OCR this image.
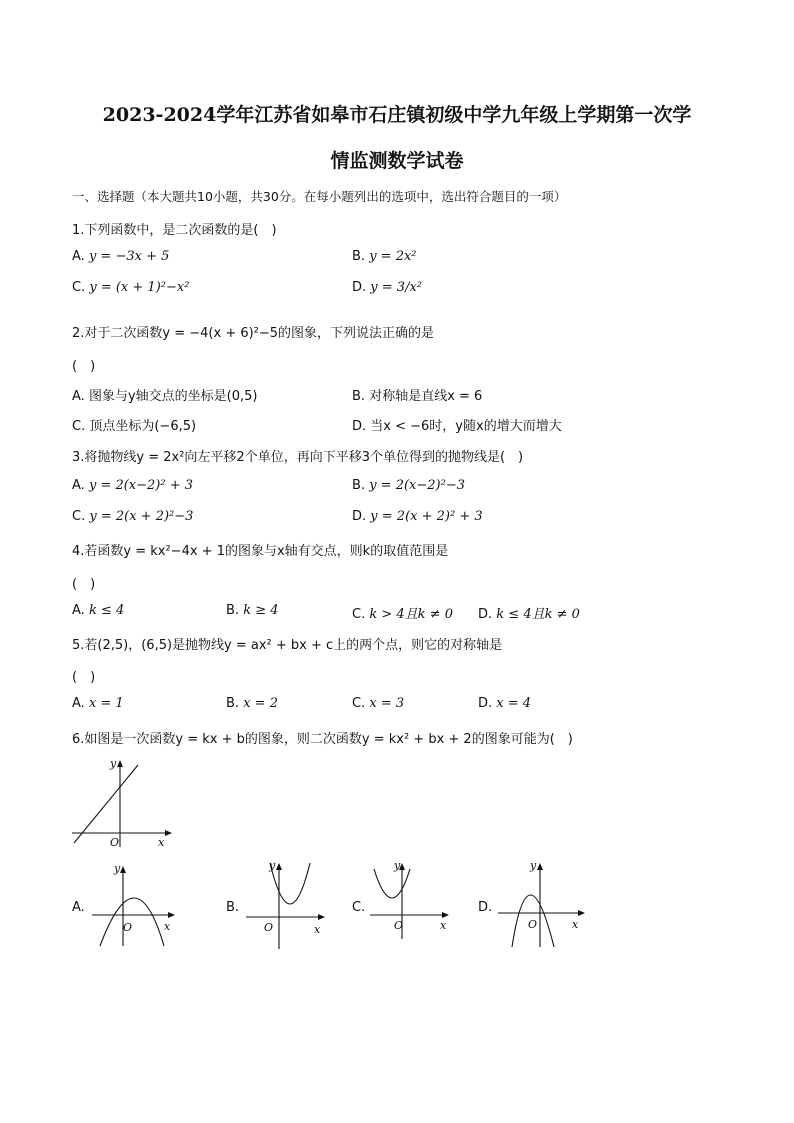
2023-2024学年江苏省如皋市石庄镇初级中学九年级上学期第一次学
情监测数学试卷
一、选择题（本大题共10小题，共30分。在每小题列出的选项中，选出符合题目的一项）
1.下列函数中，是二次函数的是(　)
A. y = −3x + 5	B. y = 2x²
C. y = (x + 1)²−x²	D. y = 3/x²
2.对于二次函数y = −4(x + 6)²−5的图象，下列说法正确的是
(　)
A. 图象与y轴交点的坐标是(0,5)	B. 对称轴是直线x = 6
C. 顶点坐标为(−6,5)	D. 当x < −6时，y随x的增大而增大
3.将抛物线y = 2x²向左平移2个单位，再向下平移3个单位得到的抛物线是(　)
A. y = 2(x−2)² + 3	B. y = 2(x−2)²−3
C. y = 2(x + 2)²−3	D. y = 2(x + 2)² + 3
4.若函数y = kx²−4x + 1的图象与x轴有交点，则k的取值范围是
(　)
A. k ≤ 4	B. k ≥ 4	C. k > 4且k ≠ 0 D. k ≤ 4且k ≠ 0
5.若(2,5)，(6,5)是抛物线y = ax² + bx + c上的两个点，则它的对称轴是
(　)
A. x = 1	B. x = 2	C. x = 3	D. x = 4
6.如图是一次函数y = kx + b的图象，则二次函数y = kx² + bx + 2的图象可能为(　)
y
O	x
A.
y
O	x
B.
y
O	x
C.
y
O	x
D.
y
O	x
